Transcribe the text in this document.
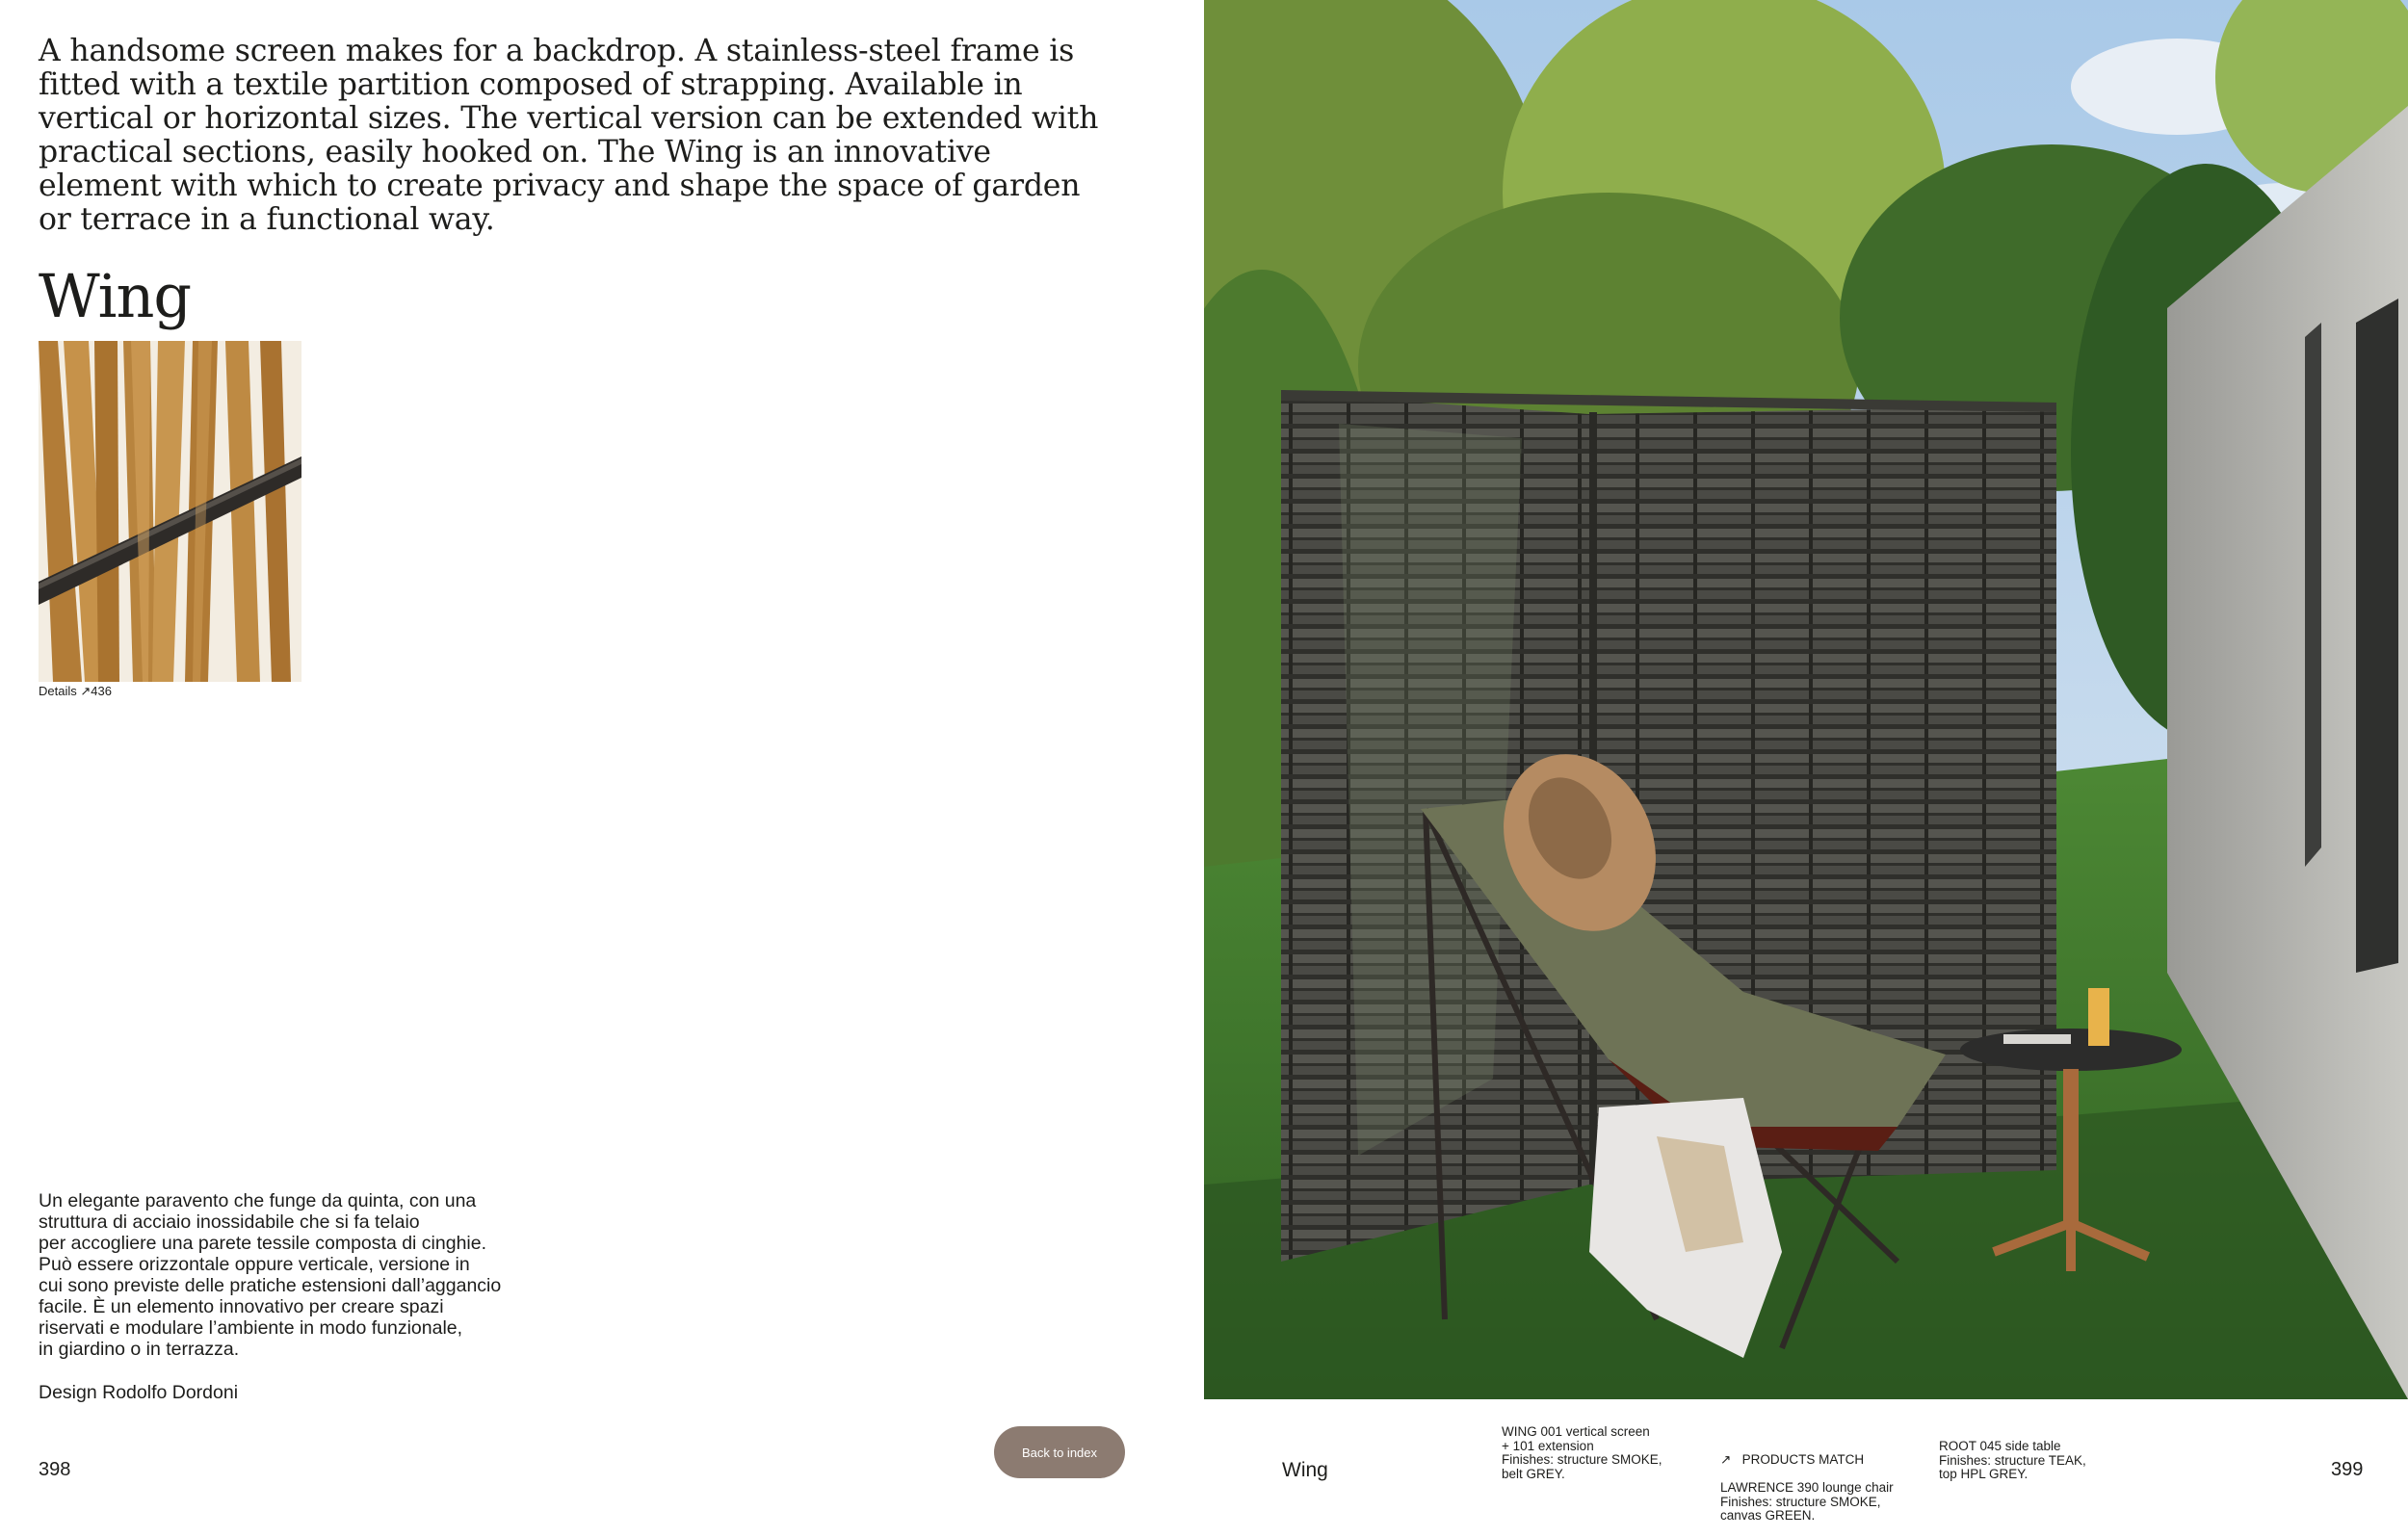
A handsome screen makes for a backdrop. A stainless-steel frame is fitted with a textile partition composed of strapping. Available in vertical or horizontal sizes. The vertical version can be extended with practical sections, easily hooked on. The Wing is an innovative element with which to create privacy and shape the space of garden or terrace in a functional way.

Wing
Details ↗436

Un elegante paravento che funge da quinta, con una
struttura di acciaio inossidabile che si fa telaio
per accogliere una parete tessile composta di cinghie.
Può essere orizzontale oppure verticale, versione in
cui sono previste delle pratiche estensioni dall’aggancio
facile. È un elemento innovativo per creare spazi
riservati e modulare l’ambiente in modo funzionale,
in giardino o in terrazza.

Design Rodolfo Dordoni
398
Back to index
Wing
WING 001 vertical screen
+ 101 extension
Finishes: structure SMOKE,
belt GREY.

↗ PRODUCTS MATCH

LAWRENCE 390 lounge chair
Finishes: structure SMOKE,
canvas GREEN.

ROOT 045 side table
Finishes: structure TEAK,
top HPL GREY.	399
